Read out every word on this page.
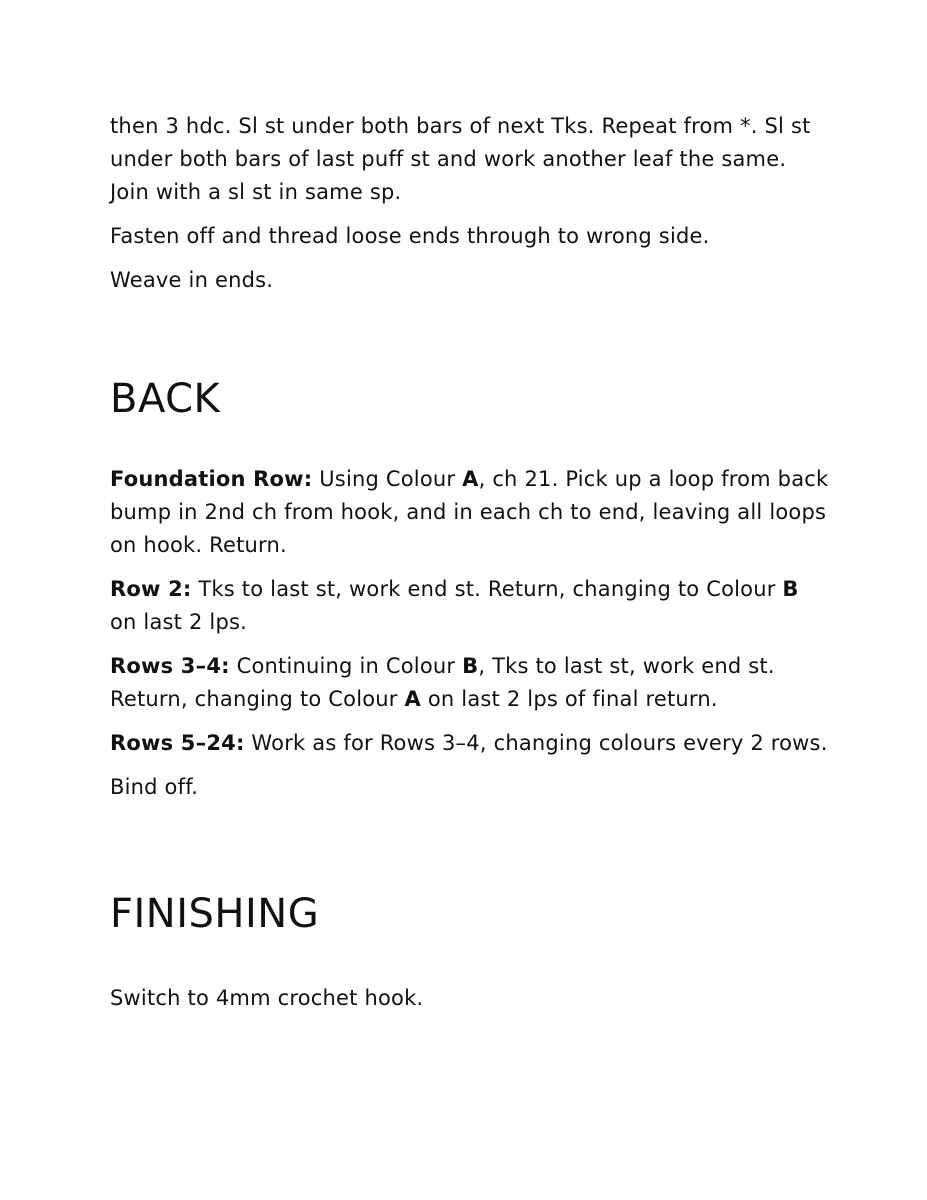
then 3 hdc. Sl st under both bars of next Tks. Repeat from *. Sl st under both bars of last puff st and work another leaf the same. Join with a sl st in same sp.

Fasten off and thread loose ends through to wrong side.

Weave in ends.

BACK

Foundation Row: Using Colour A, ch 21. Pick up a loop from back bump in 2nd ch from hook, and in each ch to end, leaving all loops on hook. Return.

Row 2: Tks to last st, work end st. Return, changing to Colour B on last 2 lps.

Rows 3–4: Continuing in Colour B, Tks to last st, work end st. Return, changing to Colour A on last 2 lps of final return.

Rows 5–24: Work as for Rows 3–4, changing colours every 2 rows.

Bind off.

FINISHING

Switch to 4mm crochet hook.
